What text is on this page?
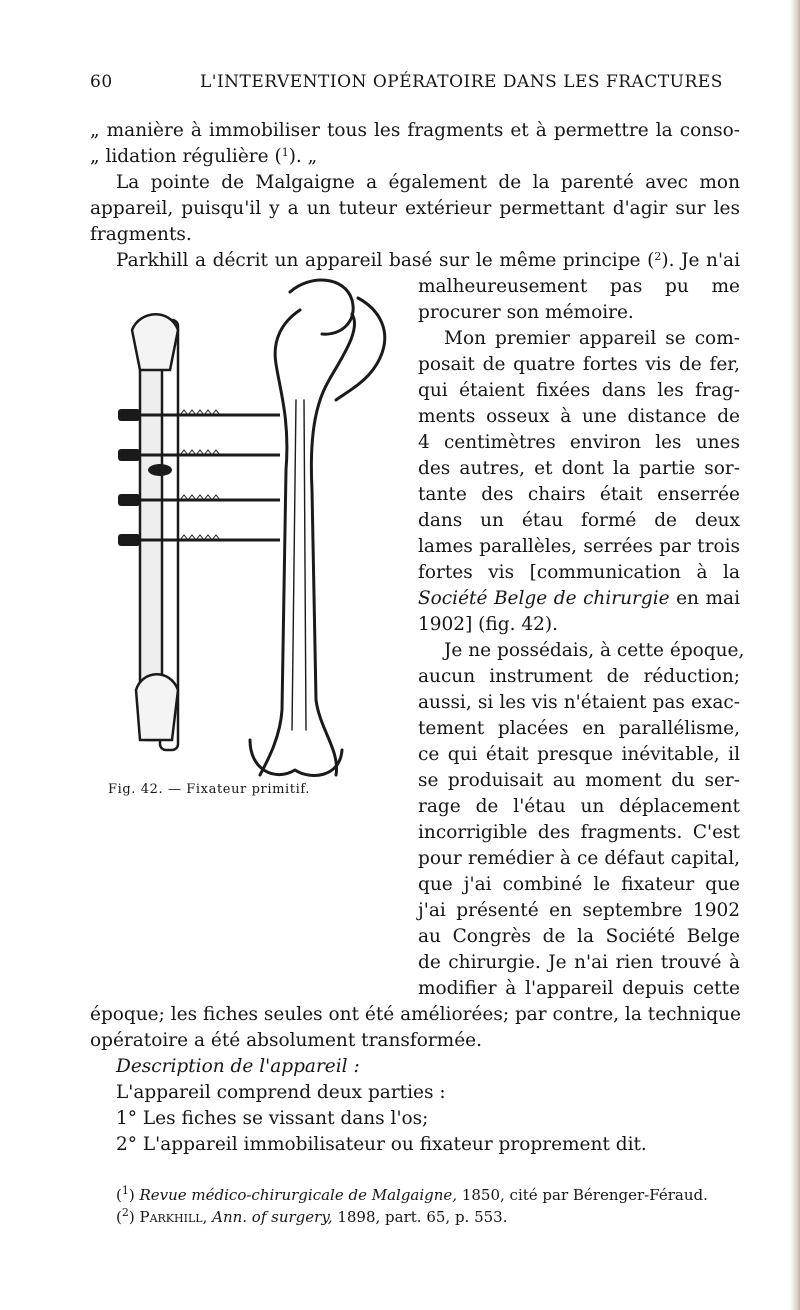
60	L'INTERVENTION OPÉRATOIRE DANS LES FRACTURES
„ manière à immobiliser tous les fragments et à permettre la conso-
„ lidation régulière ($^1$). „
La pointe de Malgaigne a également de la parenté avec mon
appareil, puisqu'il y a un tuteur extérieur permettant d'agir sur les
fragments.
Parkhill a décrit un appareil basé sur le même principe ($^2$). Je n'ai
malheureusement pas pu me
procurer son mémoire.
Mon premier appareil se com-
posait de quatre fortes vis de fer,
qui étaient fixées dans les frag-
ments osseux à une distance de
4 centimètres environ les unes
des autres, et dont la partie sor-
tante des chairs était enserrée
dans un étau formé de deux
lames parallèles, serrées par trois
fortes vis [communication à la
Société Belge de chirurgie en mai
1902] (fig. 42).
Je ne possédais, à cette époque,
aucun instrument de réduction;
aussi, si les vis n'étaient pas exac-
tement placées en parallélisme,
ce qui était presque inévitable, il
se produisait au moment du ser-
rage de l'étau un déplacement
incorrigible des fragments. C'est
pour remédier à ce défaut capital,
que j'ai combiné le fixateur que
j'ai présenté en septembre 1902
au Congrès de la Société Belge
de chirurgie. Je n'ai rien trouvé à
modifier à l'appareil depuis cette
époque; les fiches seules ont été améliorées; par contre, la technique
opératoire a été absolument transformée.
Description de l'appareil :
L'appareil comprend deux parties :
1° Les fiches se vissant dans l'os;
2° L'appareil immobilisateur ou fixateur proprement dit.
Fig. 42. — Fixateur primitif.
($^1$) Revue médico-chirurgicale de Malgaigne, 1850, cité par Bérenger-Féraud.
($^2$) Parkhill, Ann. of surgery, 1898, part. 65, p. 553.
